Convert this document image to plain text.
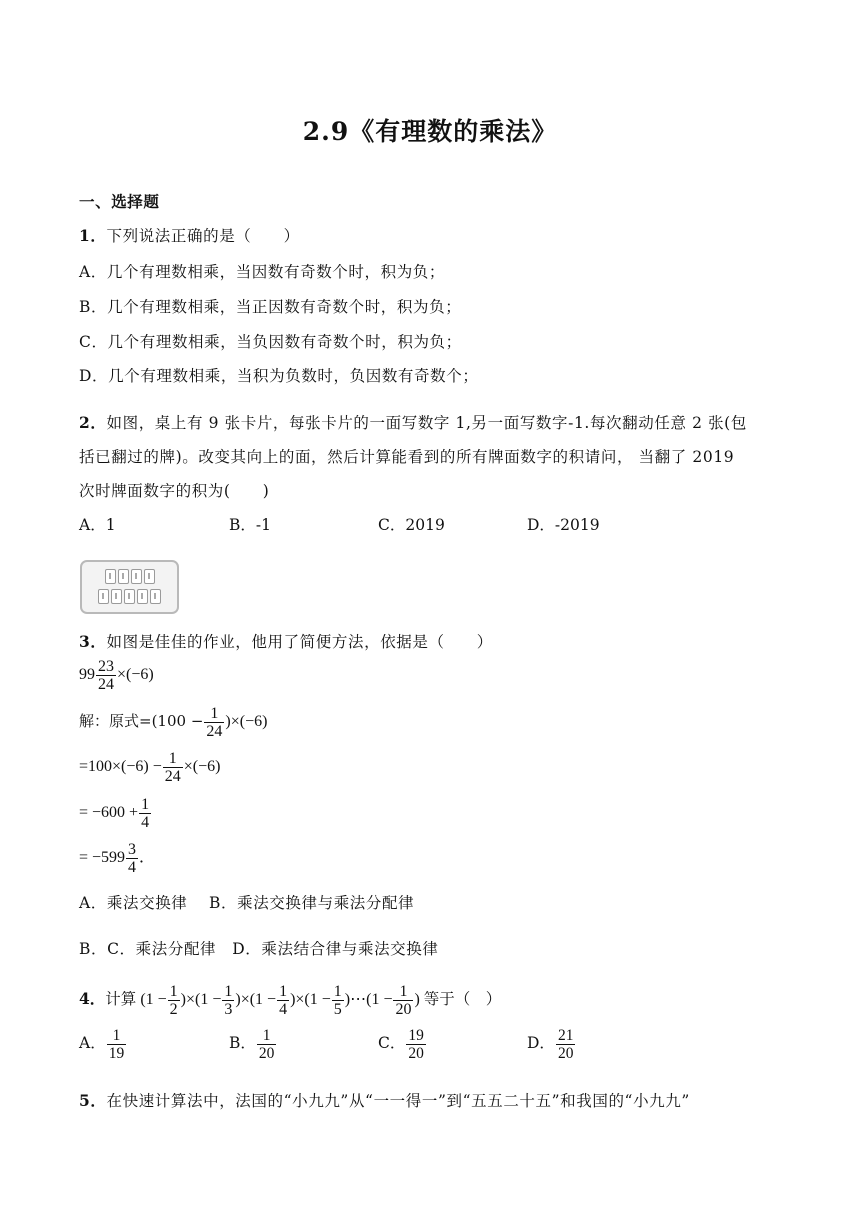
2.9《有理数的乘法》
一、选择题
1．下列说法正确的是（　　）
A．几个有理数相乘，当因数有奇数个时，积为负；
B．几个有理数相乘，当正因数有奇数个时，积为负；
C．几个有理数相乘，当负因数有奇数个时，积为负；
D．几个有理数相乘，当积为负数时，负因数有奇数个；
2．如图，桌上有 9 张卡片，每张卡片的一面写数字 1,另一面写数字-1.每次翻动任意 2 张(包
括已翻过的牌)。改变其向上的面，然后计算能看到的所有牌面数字的积请问， 当翻了 2019
次时牌面数字的积为(　　)
A．1	B．-1	C．2019	D．-2019
3．如图是佳佳的作业，他用了简便方法，依据是（　　）
$99 \frac{23}{24} \times(-6)$
解：原式$=(100 - \frac{1}{24} )\times(-6)$
$=100\times(-6) - \frac{1}{24} \times(-6)$
= $-600 + \frac{1}{4}$
= $-599 \frac{3}{4}$ ．
A．乘法交换律　 B．乘法交换律与乘法分配律
B．C．乘法分配律　D．乘法结合律与乘法交换律
4．计算 $(1 - \frac{1}{2} )\times(1 - \frac{1}{3} )\times(1 - \frac{1}{4} )\times(1 - \frac{1}{5}$ )⋯(1 − $\frac{1}{20}$ ) 等于（　）
A． $\frac{1}{19}$	B． $\frac{1}{20}$	C． $\frac{19}{20}$	D． $\frac{21}{20}$
5．在快速计算法中，法国的“小九九”从“一一得一”到“五五二十五”和我国的“小九九”
